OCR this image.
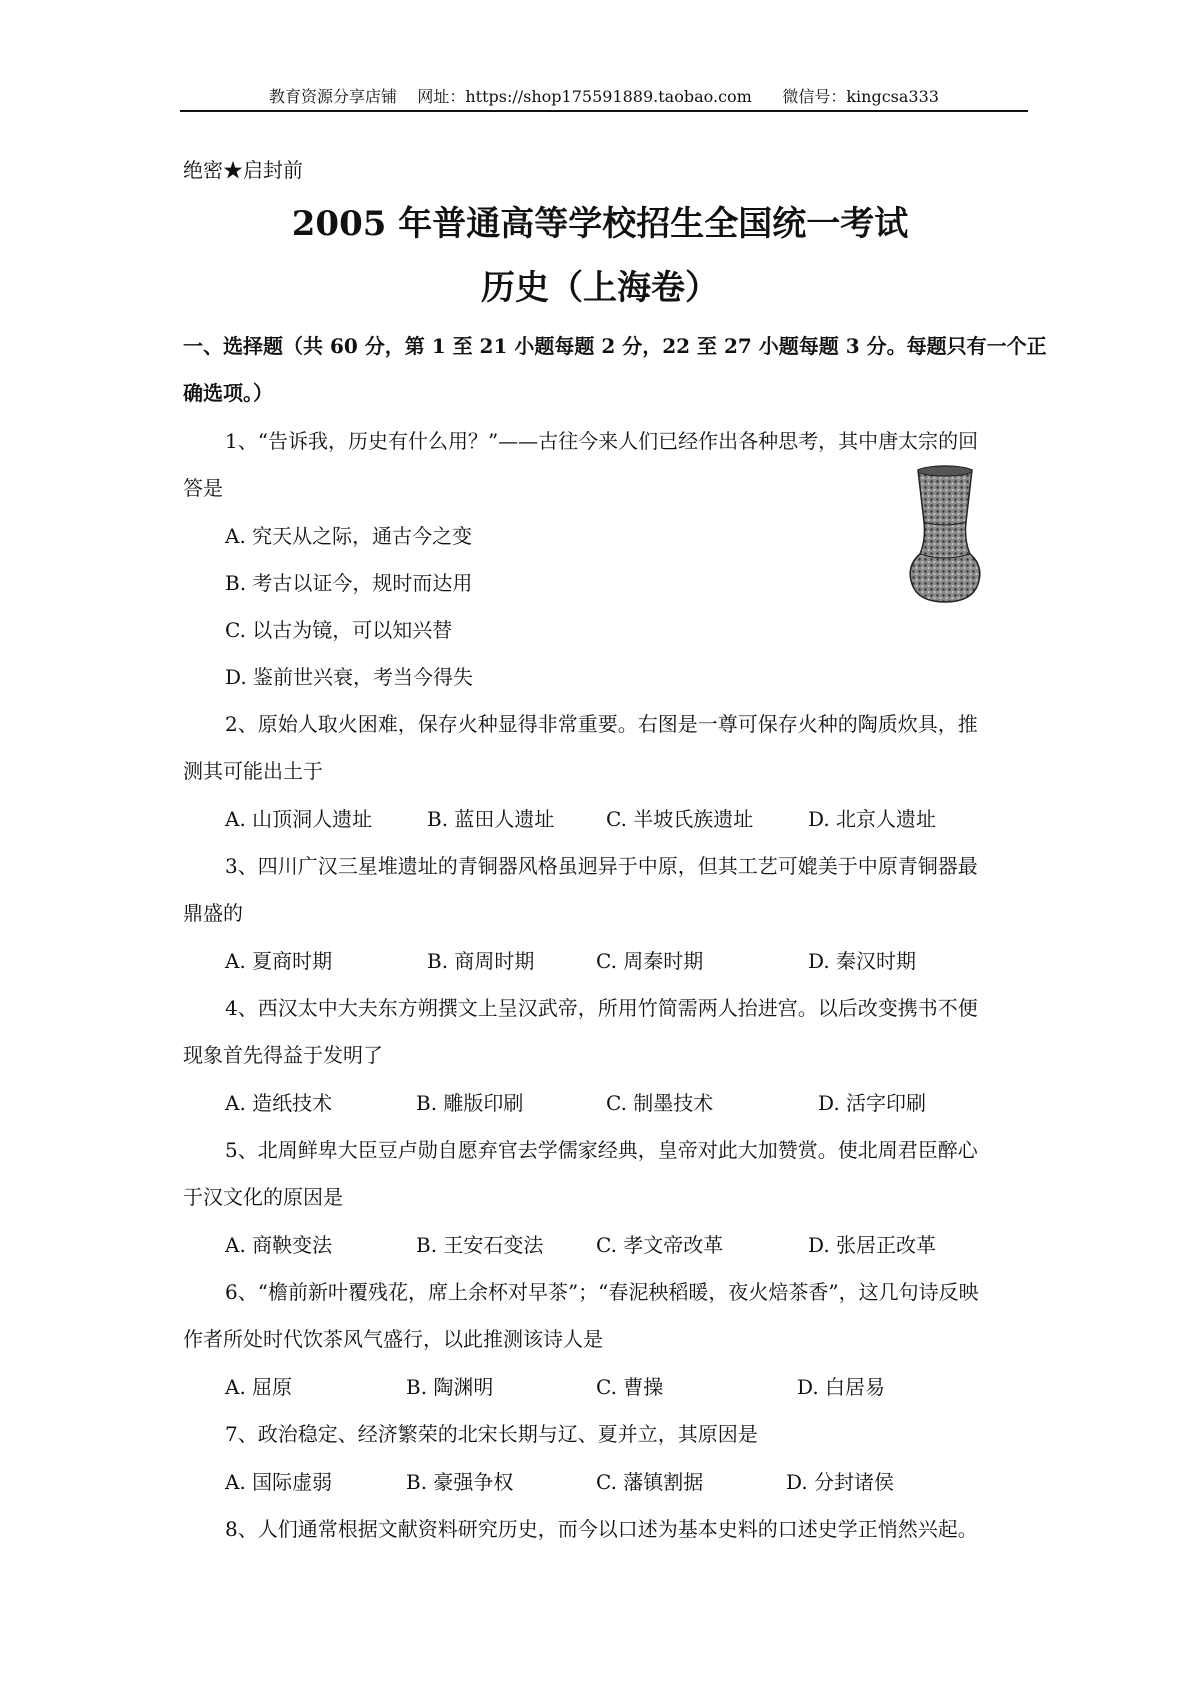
教育资源分享店铺    网址：https://shop175591889.taobao.com      微信号：kingcsa333
绝密★启封前
2005 年普通高等学校招生全国统一考试
历史（上海卷）
一、选择题（共 60 分，第 1 至 21 小题每题 2 分，22 至 27 小题每题 3 分。每题只有一个正
确选项。）
1、“告诉我，历史有什么用？”——古往今来人们已经作出各种思考，其中唐太宗的回
答是
A. 究天从之际，通古今之变
B. 考古以证今，规时而达用
C. 以古为镜，可以知兴替
D. 鉴前世兴衰，考当今得失
2、原始人取火困难，保存火种显得非常重要。右图是一尊可保存火种的陶质炊具，推
测其可能出土于
A. 山顶洞人遗址	B. 蓝田人遗址	C. 半坡氏族遗址	D. 北京人遗址
3、四川广汉三星堆遗址的青铜器风格虽迥异于中原，但其工艺可媲美于中原青铜器最
鼎盛的
A. 夏商时期	B. 商周时期	C. 周秦时期	D. 秦汉时期
4、西汉太中大夫东方朔撰文上呈汉武帝，所用竹简需两人抬进宫。以后改变携书不便
现象首先得益于发明了
A. 造纸技术	B. 雕版印刷	C. 制墨技术	D. 活字印刷
5、北周鲜卑大臣豆卢勋自愿弃官去学儒家经典，皇帝对此大加赞赏。使北周君臣醉心
于汉文化的原因是
A. 商鞅变法	B. 王安石变法	C. 孝文帝改革	D. 张居正改革
6、“檐前新叶覆残花，席上余杯对早茶”；“春泥秧稻暖，夜火焙茶香”，这几句诗反映
作者所处时代饮茶风气盛行，以此推测该诗人是
A. 屈原	B. 陶渊明	C. 曹操	D. 白居易
7、政治稳定、经济繁荣的北宋长期与辽、夏并立，其原因是
A. 国际虚弱	B. 豪强争权	C. 藩镇割据	D. 分封诸侯
8、人们通常根据文献资料研究历史，而今以口述为基本史料的口述史学正悄然兴起。
